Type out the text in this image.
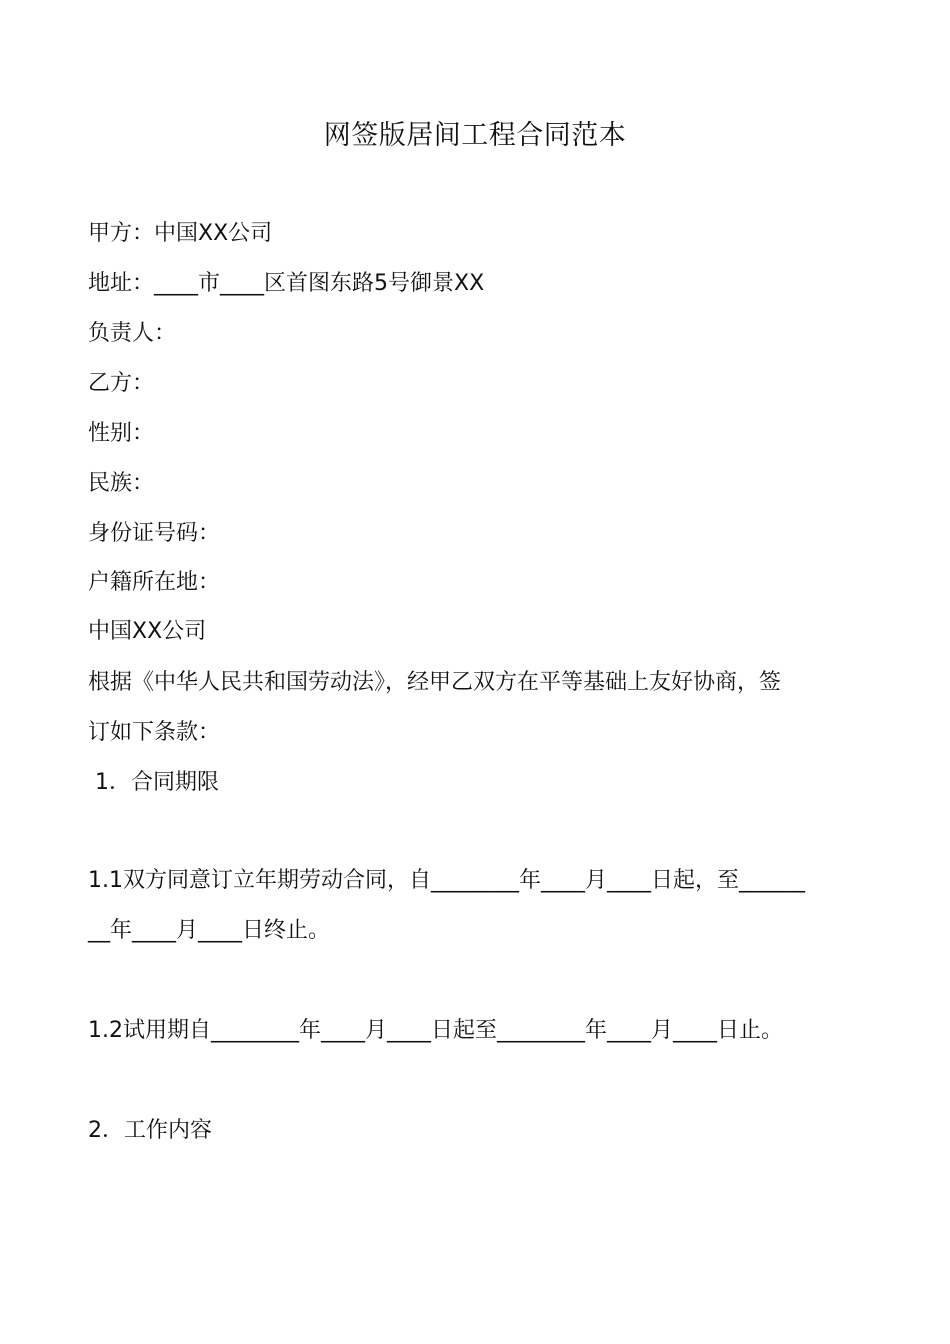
网签版居间工程合同范本
甲方：中国XX公司
地址：____市____区首图东路5号御景XX
负责人：
乙方：
性别：
民族：
身份证号码：
户籍所在地：
中国XX公司
根据《中华人民共和国劳动法》，经甲乙双方在平等基础上友好协商，签
订如下条款：
1．合同期限
1.1双方同意订立年期劳动合同，自________年____月____日起，至______
__年____月____日终止。
1.2试用期自________年____月____日起至________年____月____日止。
2．工作内容
